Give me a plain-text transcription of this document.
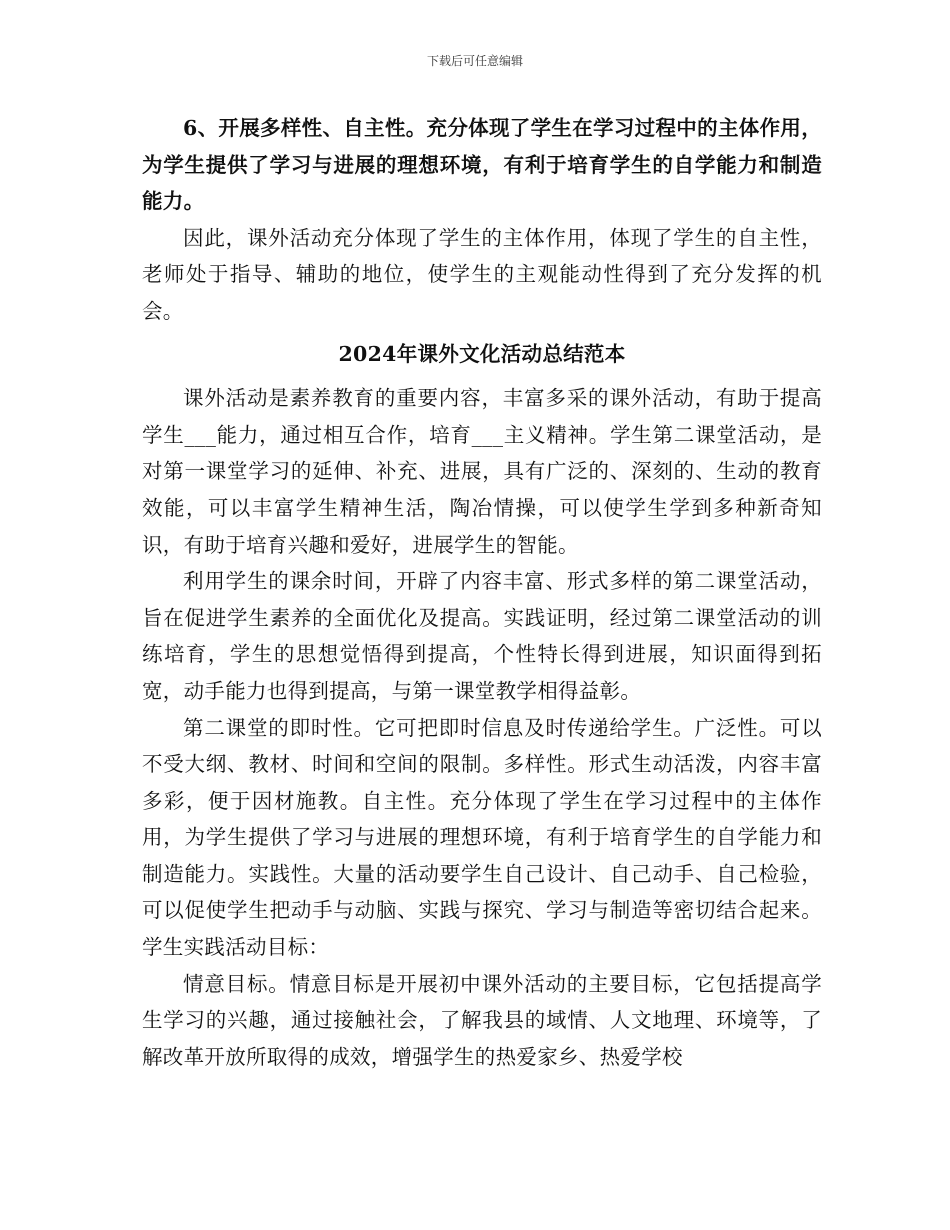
下载后可任意编辑

6、开展多样性、自主性。充分体现了学生在学习过程中的主体作用，为学生提供了学习与进展的理想环境，有利于培育学生的自学能力和制造能力。

因此，课外活动充分体现了学生的主体作用，体现了学生的自主性，老师处于指导、辅助的地位，使学生的主观能动性得到了充分发挥的机会。

2024年课外文化活动总结范本

课外活动是素养教育的重要内容，丰富多采的课外活动，有助于提高学生___能力，通过相互合作，培育___主义精神。学生第二课堂活动，是对第一课堂学习的延伸、补充、进展，具有广泛的、深刻的、生动的教育效能，可以丰富学生精神生活，陶冶情操，可以使学生学到多种新奇知识，有助于培育兴趣和爱好，进展学生的智能。

利用学生的课余时间，开辟了内容丰富、形式多样的第二课堂活动，旨在促进学生素养的全面优化及提高。实践证明，经过第二课堂活动的训练培育，学生的思想觉悟得到提高，个性特长得到进展，知识面得到拓宽，动手能力也得到提高，与第一课堂教学相得益彰。

第二课堂的即时性。它可把即时信息及时传递给学生。广泛性。可以不受大纲、教材、时间和空间的限制。多样性。形式生动活泼，内容丰富多彩，便于因材施教。自主性。充分体现了学生在学习过程中的主体作用，为学生提供了学习与进展的理想环境，有利于培育学生的自学能力和制造能力。实践性。大量的活动要学生自己设计、自己动手、自己检验，可以促使学生把动手与动脑、实践与探究、学习与制造等密切结合起来。学生实践活动目标：

情意目标。情意目标是开展初中课外活动的主要目标，它包括提高学生学习的兴趣，通过接触社会，了解我县的域情、人文地理、环境等，了解改革开放所取得的成效，增强学生的热爱家乡、热爱学校
